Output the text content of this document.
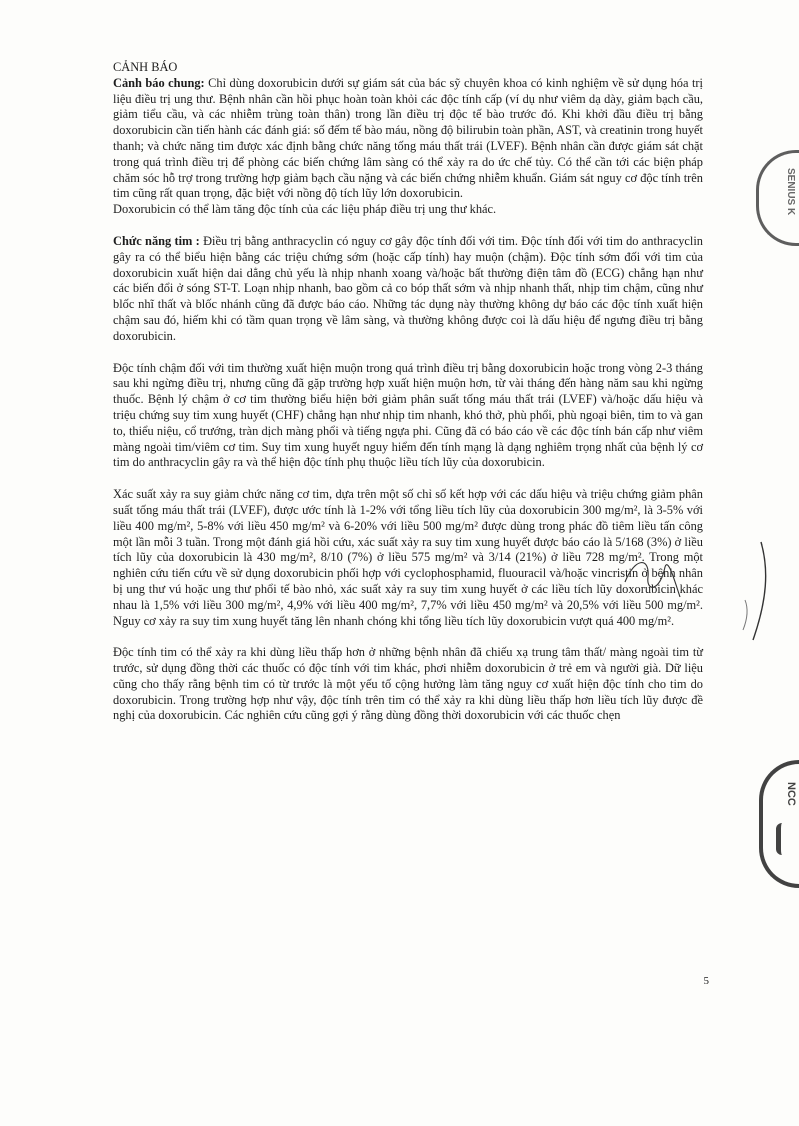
CẢNH BÁO

Cảnh báo chung: Chỉ dùng doxorubicin dưới sự giám sát của bác sỹ chuyên khoa có kinh nghiệm về sử dụng hóa trị liệu điều trị ung thư. Bệnh nhân cần hồi phục hoàn toàn khỏi các độc tính cấp (ví dụ như viêm dạ dày, giảm bạch cầu, giảm tiểu cầu, và các nhiễm trùng toàn thân) trong lần điều trị độc tế bào trước đó. Khi khởi đầu điều trị bằng doxorubicin cần tiến hành các đánh giá: số đếm tế bào máu, nồng độ bilirubin toàn phần, AST, và creatinin trong huyết thanh; và chức năng tim được xác định bằng chức năng tống máu thất trái (LVEF). Bệnh nhân cần được giám sát chặt trong quá trình điều trị để phòng các biến chứng lâm sàng có thể xảy ra do ức chế tủy. Có thể cần tới các biện pháp chăm sóc hỗ trợ trong trường hợp giảm bạch cầu nặng và các biến chứng nhiễm khuẩn. Giám sát nguy cơ độc tính trên tim cũng rất quan trọng, đặc biệt với nồng độ tích lũy lớn doxorubicin.

Doxorubicin có thể làm tăng độc tính của các liệu pháp điều trị ung thư khác.

Chức năng tim : Điều trị bằng anthracyclin có nguy cơ gây độc tính đối với tim. Độc tính đối với tim do anthracyclin gây ra có thể biểu hiện bằng các triệu chứng sớm (hoặc cấp tính) hay muộn (chậm). Độc tính sớm đối với tim của doxorubicin xuất hiện dai dẳng chủ yếu là nhịp nhanh xoang và/hoặc bất thường điện tâm đồ (ECG) chẳng hạn như các biến đổi ở sóng ST-T. Loạn nhịp nhanh, bao gồm cả co bóp thất sớm và nhịp nhanh thất, nhịp tim chậm, cũng như blốc nhĩ thất và blốc nhánh cũng đã được báo cáo. Những tác dụng này thường không dự báo các độc tính xuất hiện chậm sau đó, hiếm khi có tầm quan trọng về lâm sàng, và thường không được coi là dấu hiệu để ngưng điều trị bằng doxorubicin.

Độc tính chậm đối với tim thường xuất hiện muộn trong quá trình điều trị bằng doxorubicin hoặc trong vòng 2-3 tháng sau khi ngừng điều trị, nhưng cũng đã gặp trường hợp xuất hiện muộn hơn, từ vài tháng đến hàng năm sau khi ngừng thuốc. Bệnh lý chậm ở cơ tim thường biểu hiện bởi giảm phân suất tống máu thất trái (LVEF) và/hoặc dấu hiệu và triệu chứng suy tim xung huyết (CHF) chẳng hạn như nhịp tim nhanh, khó thở, phù phổi, phù ngoại biên, tim to và gan to, thiểu niệu, cổ trướng, tràn dịch màng phổi và tiếng ngựa phi. Cũng đã có báo cáo về các độc tính bán cấp như viêm màng ngoài tim/viêm cơ tim. Suy tim xung huyết nguy hiểm đến tính mạng là dạng nghiêm trọng nhất của bệnh lý cơ tim do anthracyclin gây ra và thể hiện độc tính phụ thuộc liều tích lũy của doxorubicin.

Xác suất xảy ra suy giảm chức năng cơ tim, dựa trên một số chỉ số kết hợp với các dấu hiệu và triệu chứng giảm phân suất tống máu thất trái (LVEF), được ước tính là 1-2% với tổng liều tích lũy của doxorubicin 300 mg/m², là 3-5% với liều 400 mg/m², 5-8% với liều 450 mg/m² và 6-20% với liều 500 mg/m² được dùng trong phác đồ tiêm liều tấn công một lần mỗi 3 tuần. Trong một đánh giá hồi cứu, xác suất xảy ra suy tim xung huyết được báo cáo là 5/168 (3%) ở liều tích lũy của doxorubicin là 430 mg/m², 8/10 (7%) ở liều 575 mg/m² và 3/14 (21%) ở liều 728 mg/m². Trong một nghiên cứu tiến cứu về sử dụng doxorubicin phối hợp với cyclophosphamid, fluouracil và/hoặc vincristin ở bệnh nhân bị ung thư vú hoặc ung thư phổi tế bào nhỏ, xác suất xảy ra suy tim xung huyết ở các liều tích lũy doxorubicin khác nhau là 1,5% với liều 300 mg/m², 4,9% với liều 400 mg/m², 7,7% với liều 450 mg/m² và 20,5% với liều 500 mg/m². Nguy cơ xảy ra suy tim xung huyết tăng lên nhanh chóng khi tổng liều tích lũy doxorubicin vượt quá 400 mg/m².

Độc tính tim có thể xảy ra khi dùng liều thấp hơn ở những bệnh nhân đã chiếu xạ trung tâm thất/ màng ngoài tim từ trước, sử dụng đồng thời các thuốc có độc tính với tim khác, phơi nhiễm doxorubicin ở trẻ em và người già. Dữ liệu cũng cho thấy rằng bệnh tim có từ trước là một yếu tố cộng hưởng làm tăng nguy cơ xuất hiện độc tính cho tim do doxorubicin. Trong trường hợp như vậy, độc tính trên tim có thể xảy ra khi dùng liều thấp hơn liều tích lũy được đề nghị của doxorubicin. Các nghiên cứu cũng gợi ý rằng dùng đồng thời doxorubicin với các thuốc chẹn

5
SENIUS K
NCC
